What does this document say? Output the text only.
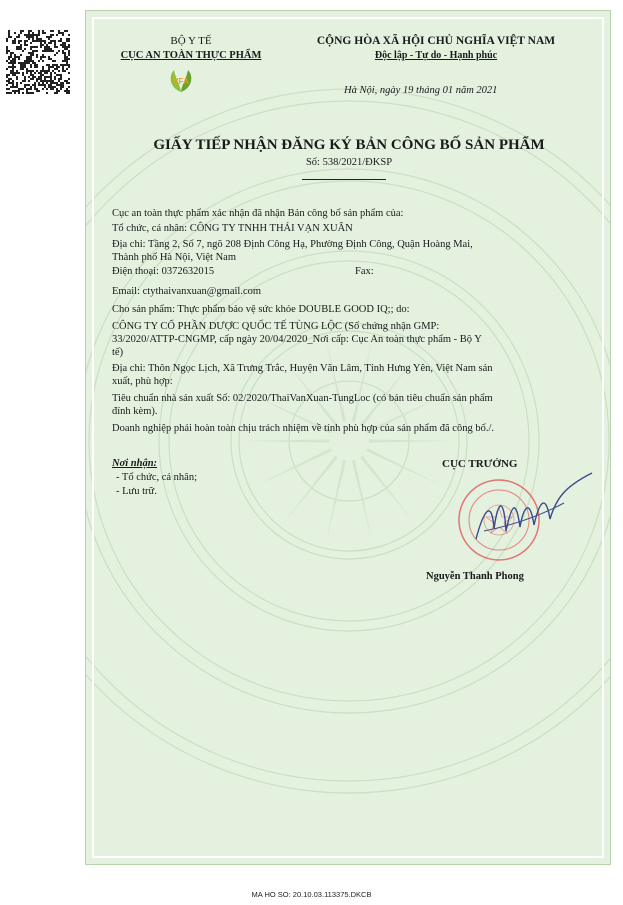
BỘ Y TẾ
CỤC AN TOÀN THỰC PHẨM
VFA
CỘNG HÒA XÃ HỘI CHỦ NGHĨA VIỆT NAM
Độc lập - Tự do - Hạnh phúc
Hà Nội, ngày 19 tháng 01 năm 2021
GIẤY TIẾP NHẬN ĐĂNG KÝ BẢN CÔNG BỐ SẢN PHẨM
Số: 538/2021/ĐKSP
Cục an toàn thực phẩm xác nhận đã nhận Bản công bố sản phẩm của:
Tổ chức, cá nhân: CÔNG TY TNHH THÁI VẠN XUÂN
Địa chỉ: Tầng 2, Số 7, ngõ 208 Định Công Hạ, Phường Định Công, Quận Hoàng Mai,
Thành phố Hà Nội, Việt Nam
Điện thoại: 0372632015	Fax:
Email: ctythaivanxuan@gmail.com
Cho sản phẩm: Thực phẩm bảo vệ sức khỏe DOUBLE GOOD IQ;; do:
CÔNG TY CỔ PHẦN DƯỢC QUỐC TẾ TÙNG LỘC (Số chứng nhận GMP:
33/2020/ATTP-CNGMP, cấp ngày 20/04/2020_Nơi cấp: Cục An toàn thực phẩm - Bộ Y
tế)
Địa chỉ: Thôn Ngọc Lịch, Xã Trưng Trắc, Huyện Văn Lâm, Tỉnh Hưng Yên, Việt Nam sản
xuất, phù hợp:
Tiêu chuẩn nhà sản xuất Số: 02/2020/ThaiVanXuan-TungLoc (có bản tiêu chuẩn sản phẩm
đính kèm).
Doanh nghiệp phải hoàn toàn chịu trách nhiệm về tính phù hợp của sản phẩm đã công bố./.
Nơi nhận:
- Tổ chức, cá nhân;
- Lưu trữ.
CỤC TRƯỞNG
Nguyễn Thanh Phong
MA HO SO: 20.10.03.113375.DKCB
